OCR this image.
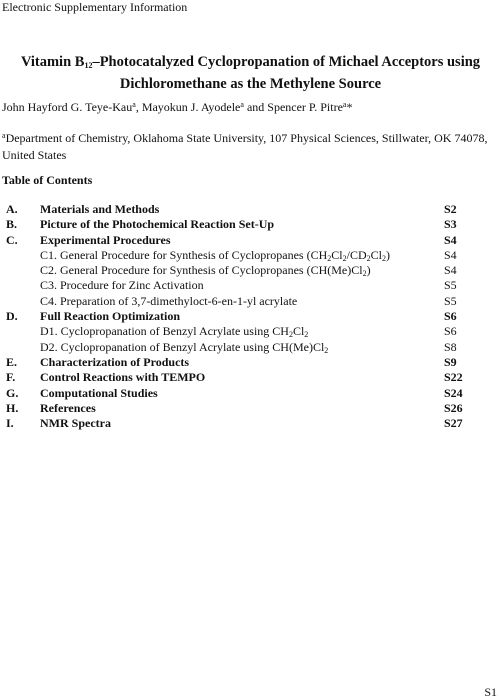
Electronic Supplementary Information
Vitamin $B_{12}$–Photocatalyzed Cyclopropanation of Michael Acceptors using
Dichloromethane as the Methylene Source
John Hayford G. Teye-Kau$^a$, Mayokun J. Ayodele$^a$ and Spencer P. Pitre$^a$*
$^a$Department of Chemistry, Oklahoma State University, 107 Physical Sciences, Stillwater, OK 74078, United States
Table of Contents
A. Materials and Methods	S2
B. Picture of the Photochemical Reaction Set-Up	S3
C. Experimental Procedures	S4
C1. General Procedure for Synthesis of Cyclopropanes $(CH_2Cl_2/CD_2Cl_2)$	S4
C2. General Procedure for Synthesis of Cyclopropanes $(CH(Me)Cl_2)$	S4
C3. Procedure for Zinc Activation	S5
C4. Preparation of 3,7-dimethyloct-6-en-1-yl acrylate	S5
D. Full Reaction Optimization	S6
D1. Cyclopropanation of Benzyl Acrylate using $CH_2Cl_2$	S6
D2. Cyclopropanation of Benzyl Acrylate using $CH(Me)Cl_2$	S8
E. Characterization of Products	S9
F. Control Reactions with TEMPO	S22
G. Computational Studies	S24
H. References	S26
I. NMR Spectra	S27
S1
